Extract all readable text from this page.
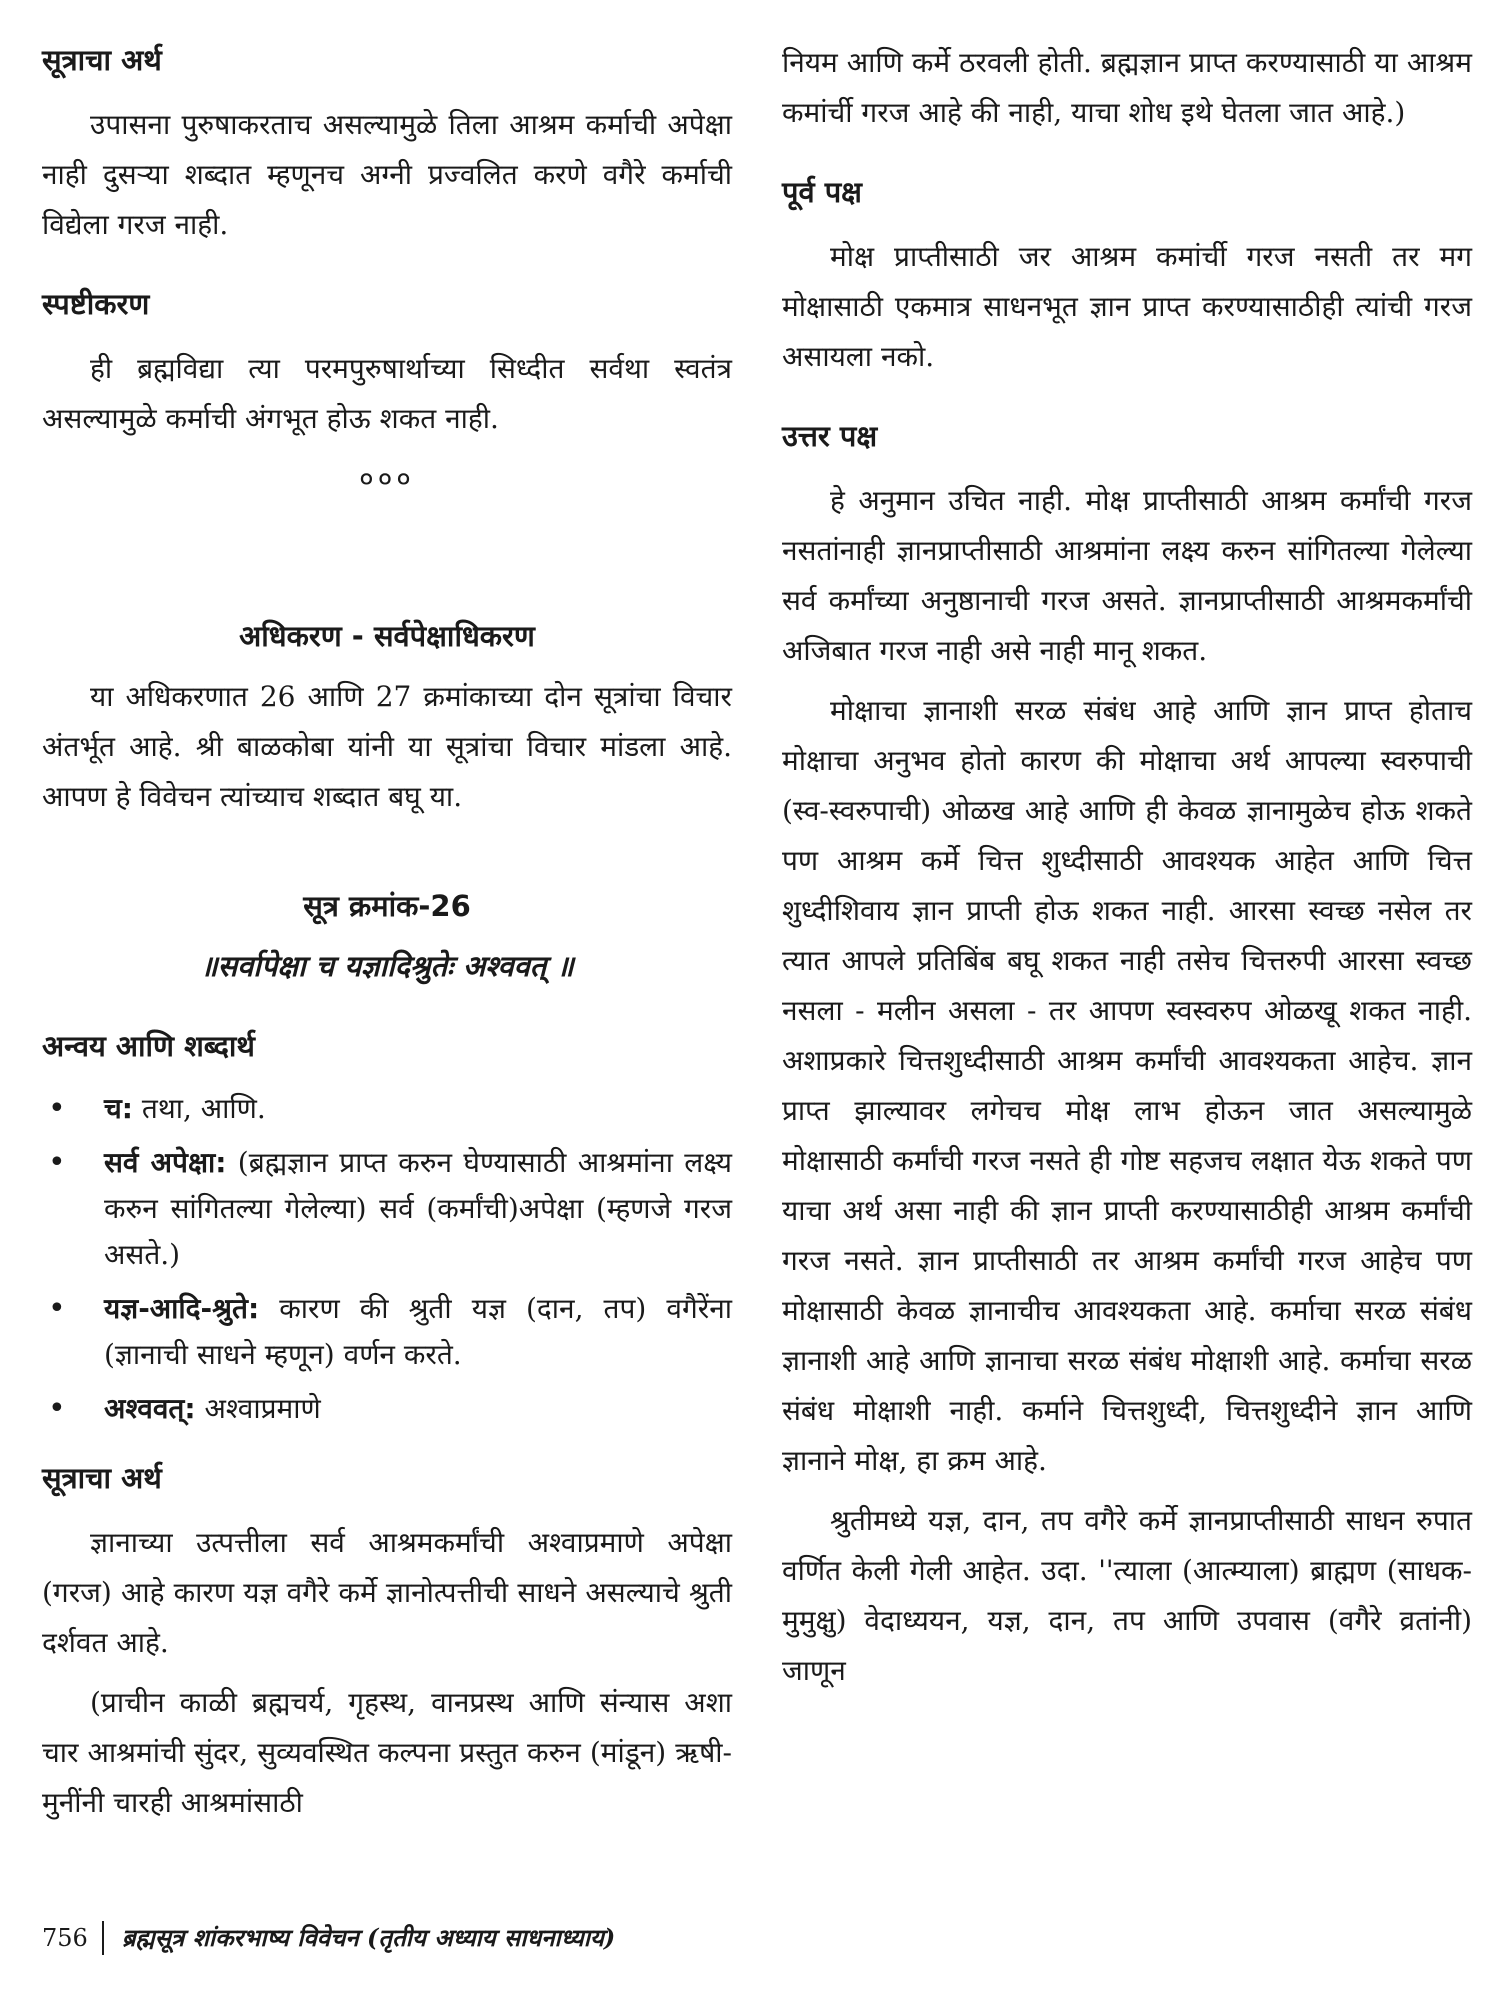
सूत्राचा अर्थ

उपासना पुरुषाकरताच असल्यामुळे तिला आश्रम कर्माची अपेक्षा नाही दुसऱ्या शब्दात म्हणूनच अग्नी प्रज्वलित करणे वगैरे कर्माची विद्येला गरज नाही.

स्पष्टीकरण

ही ब्रह्मविद्या त्या परमपुरुषार्थाच्या सिध्दीत सर्वथा स्वतंत्र असल्यामुळे कर्माची अंगभूत होऊ शकत नाही.

०००
अधिकरण - सर्वपेक्षाधिकरण

या अधिकरणात 26 आणि 27 क्रमांकाच्या दोन सूत्रांचा विचार अंतर्भूत आहे. श्री बाळकोबा यांनी या सूत्रांचा विचार मांडला आहे. आपण हे विवेचन त्यांच्याच शब्दात बघू या.

सूत्र क्रमांक-26
॥सर्वापेक्षा च यज्ञादिश्रुतेः अश्ववत् ॥
अन्वय आणि शब्दार्थ
• च: तथा, आणि.
• सर्व अपेक्षा: (ब्रह्मज्ञान प्राप्त करुन घेण्यासाठी आश्रमांना लक्ष्य करुन सांगितल्या गेलेल्या) सर्व (कर्मांची)अपेक्षा (म्हणजे गरज असते.)
• यज्ञ-आदि-श्रुते: कारण की श्रुती यज्ञ (दान, तप) वगैरेंना (ज्ञानाची साधने म्हणून) वर्णन करते.
• अश्ववत्: अश्वाप्रमाणे
सूत्राचा अर्थ

ज्ञानाच्या उत्पत्तीला सर्व आश्रमकर्मांची अश्वाप्रमाणे अपेक्षा (गरज) आहे कारण यज्ञ वगैरे कर्मे ज्ञानोत्पत्तीची साधने असल्याचे श्रुती दर्शवत आहे.

(प्राचीन काळी ब्रह्मचर्य, गृहस्थ, वानप्रस्थ आणि संन्यास अशा चार आश्रमांची सुंदर, सुव्यवस्थित कल्पना प्रस्तुत करुन (मांडून) ऋषी-मुनींनी चारही आश्रमांसाठी

नियम आणि कर्मे ठरवली होती. ब्रह्मज्ञान प्राप्त करण्यासाठी या आश्रम कमांर्ची गरज आहे की नाही, याचा शोध इथे घेतला जात आहे.)

पूर्व पक्ष

मोक्ष प्राप्तीसाठी जर आश्रम कमांर्ची गरज नसती तर मग मोक्षासाठी एकमात्र साधनभूत ज्ञान प्राप्त करण्यासाठीही त्यांची गरज असायला नको.

उत्तर पक्ष

हे अनुमान उचित नाही. मोक्ष प्राप्तीसाठी आश्रम कर्मांची गरज नसतांनाही ज्ञानप्राप्तीसाठी आश्रमांना लक्ष्य करुन सांगितल्या गेलेल्या सर्व कर्मांच्या अनुष्ठानाची गरज असते. ज्ञानप्राप्तीसाठी आश्रमकर्मांची अजिबात गरज नाही असे नाही मानू शकत.

मोक्षाचा ज्ञानाशी सरळ संबंध आहे आणि ज्ञान प्राप्त होताच मोक्षाचा अनुभव होतो कारण की मोक्षाचा अर्थ आपल्या स्वरुपाची (स्व-स्वरुपाची) ओळख आहे आणि ही केवळ ज्ञानामुळेच होऊ शकते पण आश्रम कर्मे चित्त शुध्दीसाठी आवश्यक आहेत आणि चित्त शुध्दीशिवाय ज्ञान प्राप्ती होऊ शकत नाही. आरसा स्वच्छ नसेल तर त्यात आपले प्रतिबिंब बघू शकत नाही तसेच चित्तरुपी आरसा स्वच्छ नसला - मलीन असला - तर आपण स्वस्वरुप ओळखू शकत नाही. अशाप्रकारे चित्तशुध्दीसाठी आश्रम कर्मांची आवश्यकता आहेच. ज्ञान प्राप्त झाल्यावर लगेचच मोक्ष लाभ होऊन जात असल्यामुळे मोक्षासाठी कर्मांची गरज नसते ही गोष्ट सहजच लक्षात येऊ शकते पण याचा अर्थ असा नाही की ज्ञान प्राप्ती करण्यासाठीही आश्रम कर्मांची गरज नसते. ज्ञान प्राप्तीसाठी तर आश्रम कर्मांची गरज आहेच पण मोक्षासाठी केवळ ज्ञानाचीच आवश्यकता आहे. कर्माचा सरळ संबंध ज्ञानाशी आहे आणि ज्ञानाचा सरळ संबंध मोक्षाशी आहे. कर्माचा सरळ संबंध मोक्षाशी नाही. कर्माने चित्तशुध्दी, चित्तशुध्दीने ज्ञान आणि ज्ञानाने मोक्ष, हा क्रम आहे.

श्रुतीमध्ये यज्ञ, दान, तप वगैरे कर्मे ज्ञानप्राप्तीसाठी साधन रुपात वर्णित केली गेली आहेत. उदा. ''त्याला (आत्म्याला) ब्राह्मण (साधक-मुमुक्षु) वेदाध्ययन, यज्ञ, दान, तप आणि उपवास (वगैरे व्रतांनी) जाणून

756 ब्रह्मसूत्र शांकरभाष्य विवेचन (तृतीय अध्याय साधनाध्याय)
